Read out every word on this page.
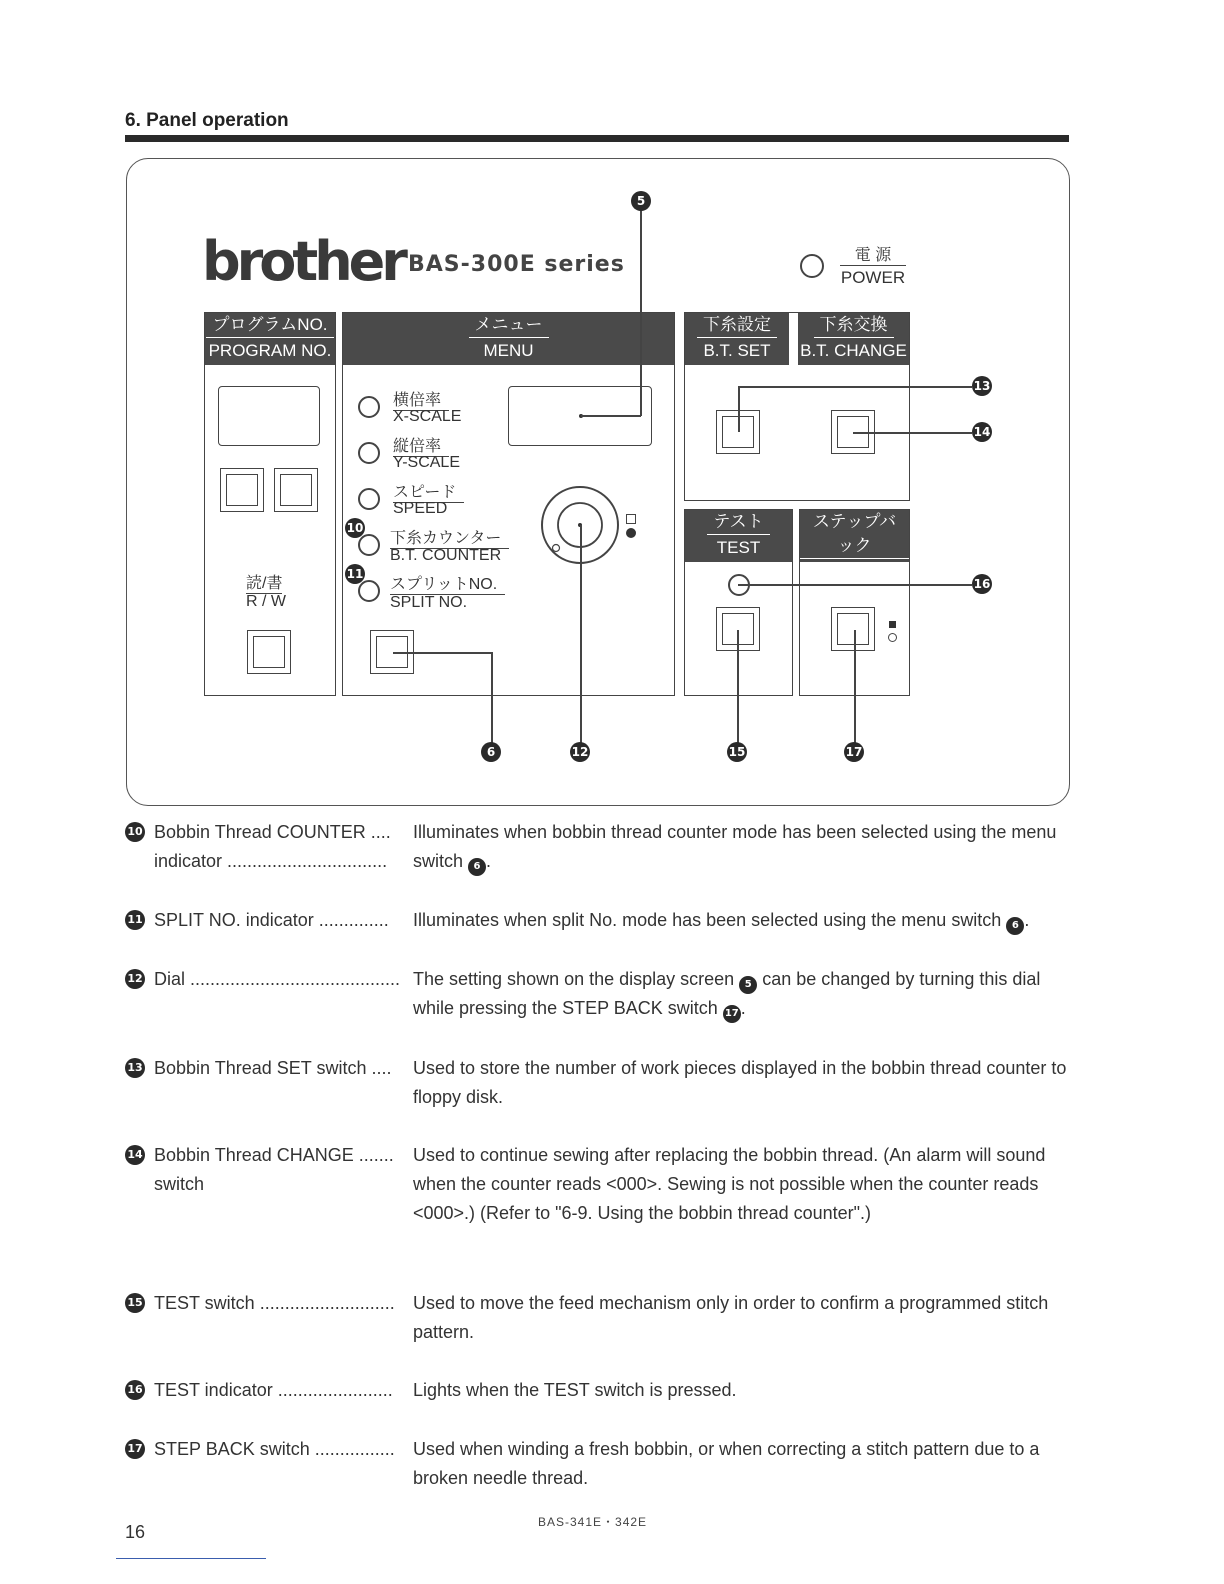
6. Panel operation
brother BAS-300E series	電 源
POWER
プログラムNO.
PROGRAM NO.
読/書
R / W
メニュー
MENU
横倍率
X-SCALE
縦倍率
Y-SCALE
スピード
SPEED
下糸カウンター
B.T. COUNTER
スプリットNO.
SPLIT NO.
10
11
下糸設定
B.T. SET
下糸交換
B.T. CHANGE
テスト
TEST
ステップバック
STEP BACK
5
13
14
16
6	12	15	17
10 Bobbin Thread COUNTER ....
indicator ................................
Illuminates when bobbin thread counter mode has been selected using the menu switch 6 .
11 SPLIT NO. indicator ..............	Illuminates when split No. mode has been selected using the menu switch 6 .
12 Dial .......................................... The setting shown on the display screen 5 can be changed by turning this dial while pressing the STEP BACK switch 17 .
13 Bobbin Thread SET switch ....	Used to store the number of work pieces displayed in the bobbin thread counter to floppy disk.
14 Bobbin Thread CHANGE .......
switch
Used to continue sewing after replacing the bobbin thread. (An alarm will sound when the counter reads <000>. Sewing is not possible when the counter reads <000>.) (Refer to "6-9. Using the bobbin thread counter".)
15 TEST switch ...........................	Used to move the feed mechanism only in order to confirm a programmed stitch pattern.
16 TEST indicator .......................	Lights when the TEST switch is pressed.
17 STEP BACK switch ................	Used when winding a fresh bobbin, or when correcting a stitch pattern due to a broken needle thread.
16	BAS-341E・342E
